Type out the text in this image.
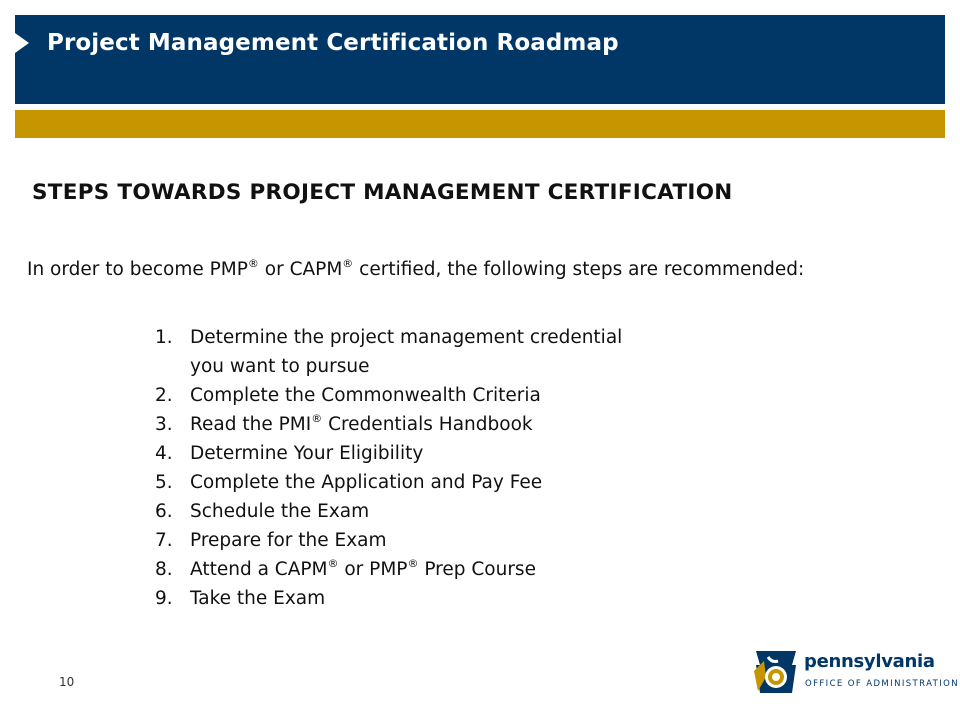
Project Management Certification Roadmap
STEPS TOWARDS PROJECT MANAGEMENT CERTIFICATION
In order to become PMP® or CAPM® certified, the following steps are recommended:
1. Determine the project management credential you want to pursue
2. Complete the Commonwealth Criteria
3. Read the PMI® Credentials Handbook
4. Determine Your Eligibility
5. Complete the Application and Pay Fee
6. Schedule the Exam
7. Prepare for the Exam
8. Attend a CAPM® or PMP® Prep Course
9. Take the Exam
10
pennsylvania
OFFICE OF ADMINISTRATION
